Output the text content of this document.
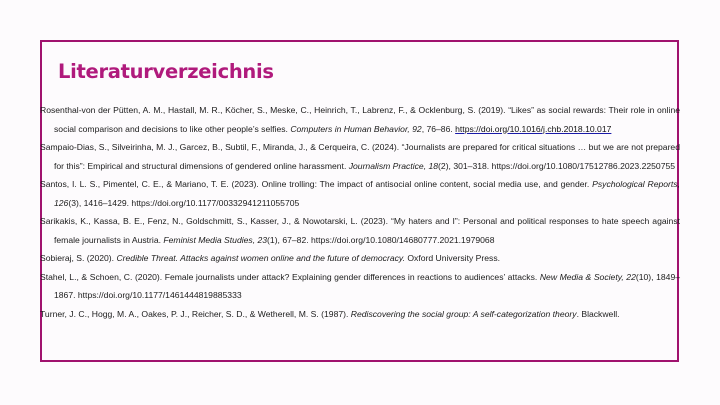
Literaturverzeichnis

Rosenthal-von der Pütten, A. M., Hastall, M. R., Köcher, S., Meske, C., Heinrich, T., Labrenz, F., & Ocklenburg, S. (2019). “Likes” as social rewards: Their role in online social comparison and decisions to like other people’s selfies. Computers in Human Behavior, 92, 76–86. https://doi.org/10.1016/j.chb.2018.10.017

Sampaio-Dias, S., Silveirinha, M. J., Garcez, B., Subtil, F., Miranda, J., & Cerqueira, C. (2024). “Journalists are prepared for critical situations … but we are not prepared for this”: Empirical and structural dimensions of gendered online harassment. Journalism Practice, 18(2), 301–318. https://doi.org/10.1080/17512786.2023.2250755

Santos, I. L. S., Pimentel, C. E., & Mariano, T. E. (2023). Online trolling: The impact of antisocial online content, social media use, and gender. Psychological Reports, 126(3), 1416–1429. https://doi.org/10.1177/00332941211055705

Sarikakis, K., Kassa, B. E., Fenz, N., Goldschmitt, S., Kasser, J., & Nowotarski, L. (2023). “My haters and I”: Personal and political responses to hate speech against female journalists in Austria. Feminist Media Studies, 23(1), 67–82. https://doi.org/10.1080/14680777.2021.1979068

Sobieraj, S. (2020). Credible Threat. Attacks against women online and the future of democracy. Oxford University Press.

Stahel, L., & Schoen, C. (2020). Female journalists under attack? Explaining gender differences in reactions to audiences’ attacks. New Media & Society, 22(10), 1849–1867. https://doi.org/10.1177/1461444819885333

Turner, J. C., Hogg, M. A., Oakes, P. J., Reicher, S. D., & Wetherell, M. S. (1987). Rediscovering the social group: A self-categorization theory. Blackwell.
